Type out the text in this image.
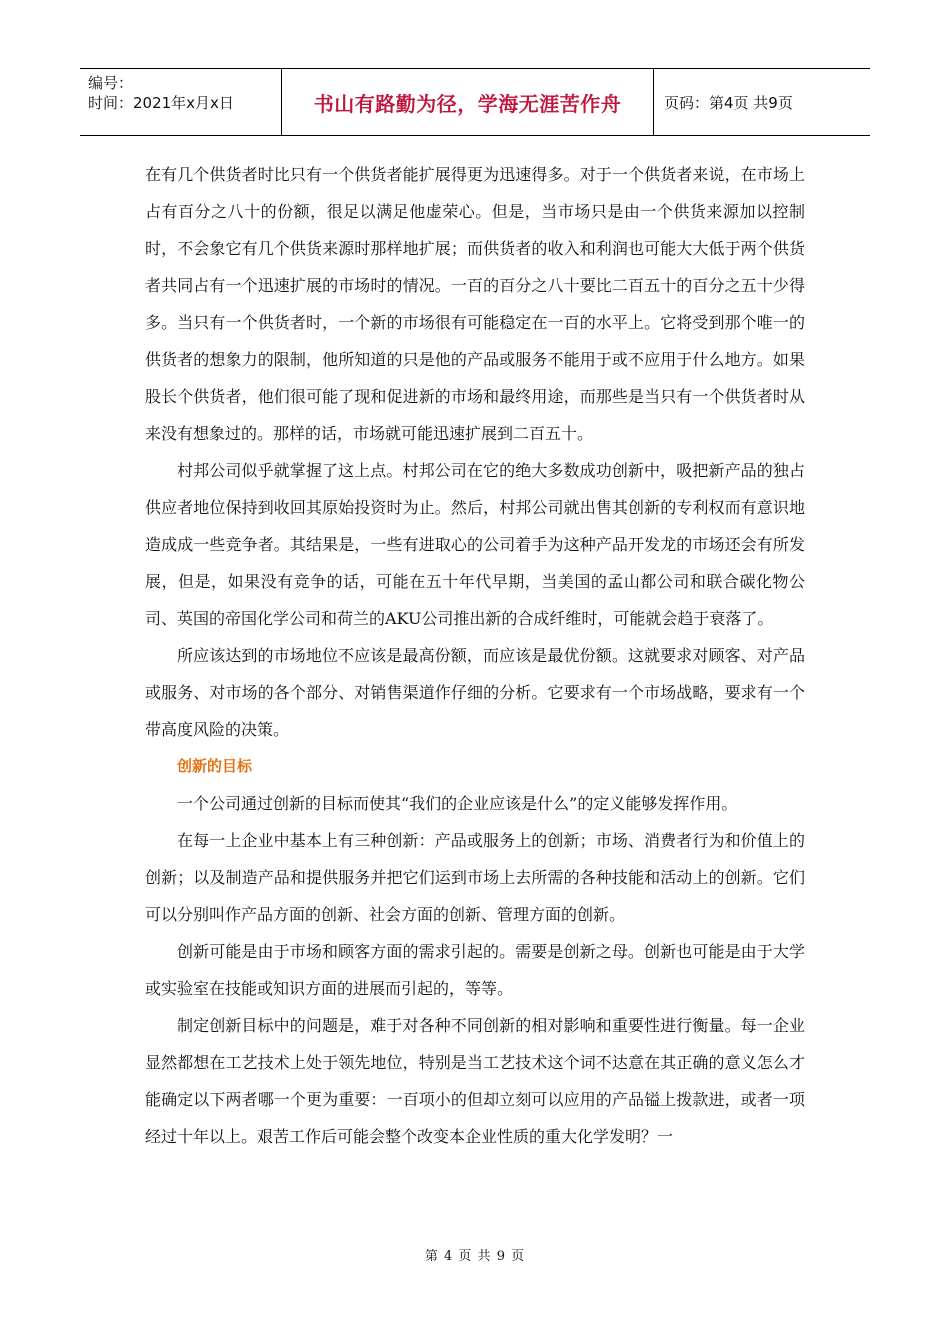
编号：
时间：2021年x月x日	书山有路勤为径，学海无涯苦作舟	页码：第4页 共9页

在有几个供货者时比只有一个供货者能扩展得更为迅速得多。对于一个供货者来说，在市场上占有百分之八十的份额，很足以满足他虚荣心。但是，当市场只是由一个供货来源加以控制时，不会象它有几个供货来源时那样地扩展；而供货者的收入和利润也可能大大低于两个供货者共同占有一个迅速扩展的市场时的情况。一百的百分之八十要比二百五十的百分之五十少得多。当只有一个供货者时，一个新的市场很有可能稳定在一百的水平上。它将受到那个唯一的供货者的想象力的限制，他所知道的只是他的产品或服务不能用于或不应用于什么地方。如果股长个供货者，他们很可能了现和促进新的市场和最终用途，而那些是当只有一个供货者时从来没有想象过的。那样的话，市场就可能迅速扩展到二百五十。

村邦公司似乎就掌握了这上点。村邦公司在它的绝大多数成功创新中，吸把新产品的独占供应者地位保持到收回其原始投资时为止。然后，村邦公司就出售其创新的专利权而有意识地造成成一些竞争者。其结果是，一些有进取心的公司着手为这种产品开发龙的市场还会有所发展，但是，如果没有竞争的话，可能在五十年代早期，当美国的孟山都公司和联合碳化物公司、英国的帝国化学公司和荷兰的AKU公司推出新的合成纤维时，可能就会趋于衰落了。

所应该达到的市场地位不应该是最高份额，而应该是最优份额。这就要求对顾客、对产品或服务、对市场的各个部分、对销售渠道作仔细的分析。它要求有一个市场战略，要求有一个带高度风险的决策。

创新的目标

一个公司通过创新的目标而使其“我们的企业应该是什么”的定义能够发挥作用。

在每一上企业中基本上有三种创新：产品或服务上的创新；市场、消费者行为和价值上的创新；以及制造产品和提供服务并把它们运到市场上去所需的各种技能和活动上的创新。它们可以分别叫作产品方面的创新、社会方面的创新、管理方面的创新。

创新可能是由于市场和顾客方面的需求引起的。需要是创新之母。创新也可能是由于大学或实验室在技能或知识方面的进展而引起的，等等。

制定创新目标中的问题是，难于对各种不同创新的相对影响和重要性进行衡量。每一企业显然都想在工艺技术上处于领先地位，特别是当工艺技术这个词不达意在其正确的意义怎么才能确定以下两者哪一个更为重要：一百项小的但却立刻可以应用的产品镒上拨款进，或者一项经过十年以上。艰苦工作后可能会整个改变本企业性质的重大化学发明？一

第 4 页 共 9 页
